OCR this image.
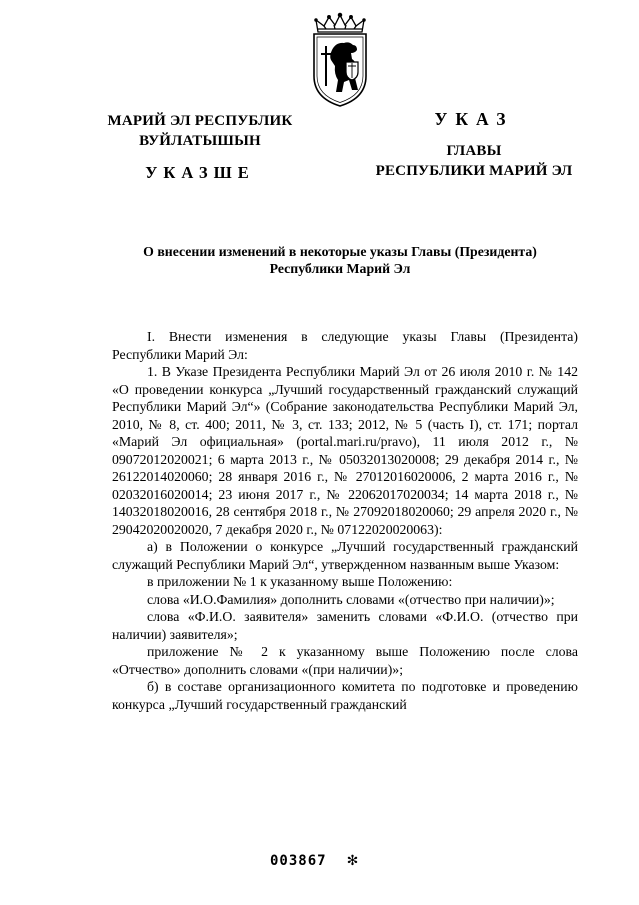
МАРИЙ ЭЛ РЕСПУБЛИК
ВУЙЛАТЫШЫН
УКАЗШЕ
УКАЗ
ГЛАВЫ
РЕСПУБЛИКИ МАРИЙ ЭЛ
О внесении изменений в некоторые указы Главы (Президента)
Республики Марий Эл

I. Внести изменения в следующие указы Главы (Президента) Республики Марий Эл:

1. В Указе Президента Республики Марий Эл от 26 июля 2010 г. № 142 «О проведении конкурса „Лучший государственный гражданский служащий Республики Марий Эл“» (Собрание законодательства Республики Марий Эл, 2010, № 8, ст. 400; 2011, № 3, ст. 133; 2012, № 5 (часть I), ст. 171; портал «Марий Эл официальная» (portal.mari.ru/pravo), 11 июля 2012 г., № 09072012020021; 6 марта 2013 г., № 05032013020008; 29 декабря 2014 г., № 26122014020060; 28 января 2016 г., № 27012016020006, 2 марта 2016 г., № 02032016020014; 23 июня 2017 г., № 22062017020034; 14 марта 2018 г., № 14032018020016, 28 сентября 2018 г., № 27092018020060; 29 апреля 2020 г., № 29042020020020, 7 декабря 2020 г., № 07122020020063):

а) в Положении о конкурсе „Лучший государственный гражданский служащий Республики Марий Эл“, утвержденном названным выше Указом:

в приложении № 1 к указанному выше Положению:

слова «И.О.Фамилия» дополнить словами «(отчество при наличии)»;

слова «Ф.И.О. заявителя» заменить словами «Ф.И.О. (отчество при наличии) заявителя»;

приложение № 2 к указанному выше Положению после слова «Отчество» дополнить словами «(при наличии)»;

б) в составе организационного комитета по подготовке и проведению конкурса „Лучший государственный гражданский

003867 ✻
